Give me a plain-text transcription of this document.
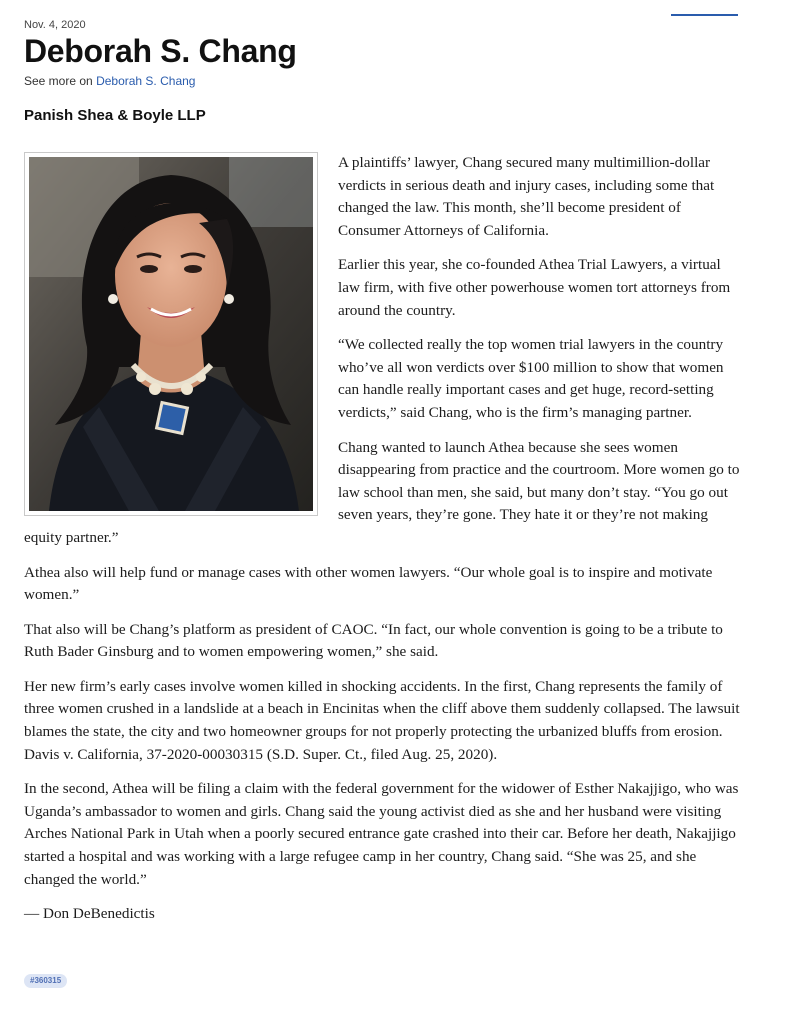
Nov. 4, 2020
Deborah S. Chang
See more on Deborah S. Chang
Panish Shea & Boyle LLP

A plaintiffs’ lawyer, Chang secured many multimillion-dollar verdicts in serious death and injury cases, including some that changed the law. This month, she’ll become president of Consumer Attorneys of California.

Earlier this year, she co-founded Athea Trial Lawyers, a virtual law firm, with five other powerhouse women tort attorneys from around the country.

“We collected really the top women trial lawyers in the country who’ve all won verdicts over $100 million to show that women can handle really important cases and get huge, record-setting verdicts,” said Chang, who is the firm’s managing partner.

Chang wanted to launch Athea because she sees women disappearing from practice and the courtroom. More women go to law school than men, she said, but many don’t stay. “You go out seven years, they’re gone. They hate it or they’re not making equity partner.”

Athea also will help fund or manage cases with other women lawyers. “Our whole goal is to inspire and motivate women.”

That also will be Chang’s platform as president of CAOC. “In fact, our whole convention is going to be a tribute to Ruth Bader Ginsburg and to women empowering women,” she said.

Her new firm’s early cases involve women killed in shocking accidents. In the first, Chang represents the family of three women crushed in a landslide at a beach in Encinitas when the cliff above them suddenly collapsed. The lawsuit blames the state, the city and two homeowner groups for not properly protecting the urbanized bluffs from erosion. Davis v. California, 37-2020-00030315 (S.D. Super. Ct., filed Aug. 25, 2020).

In the second, Athea will be filing a claim with the federal government for the widower of Esther Nakajjigo, who was Uganda’s ambassador to women and girls. Chang said the young activist died as she and her husband were visiting Arches National Park in Utah when a poorly secured entrance gate crashed into their car. Before her death, Nakajjigo started a hospital and was working with a large refugee camp in her country, Chang said. “She was 25, and she changed the world.”

— Don DeBenedictis

#360315
